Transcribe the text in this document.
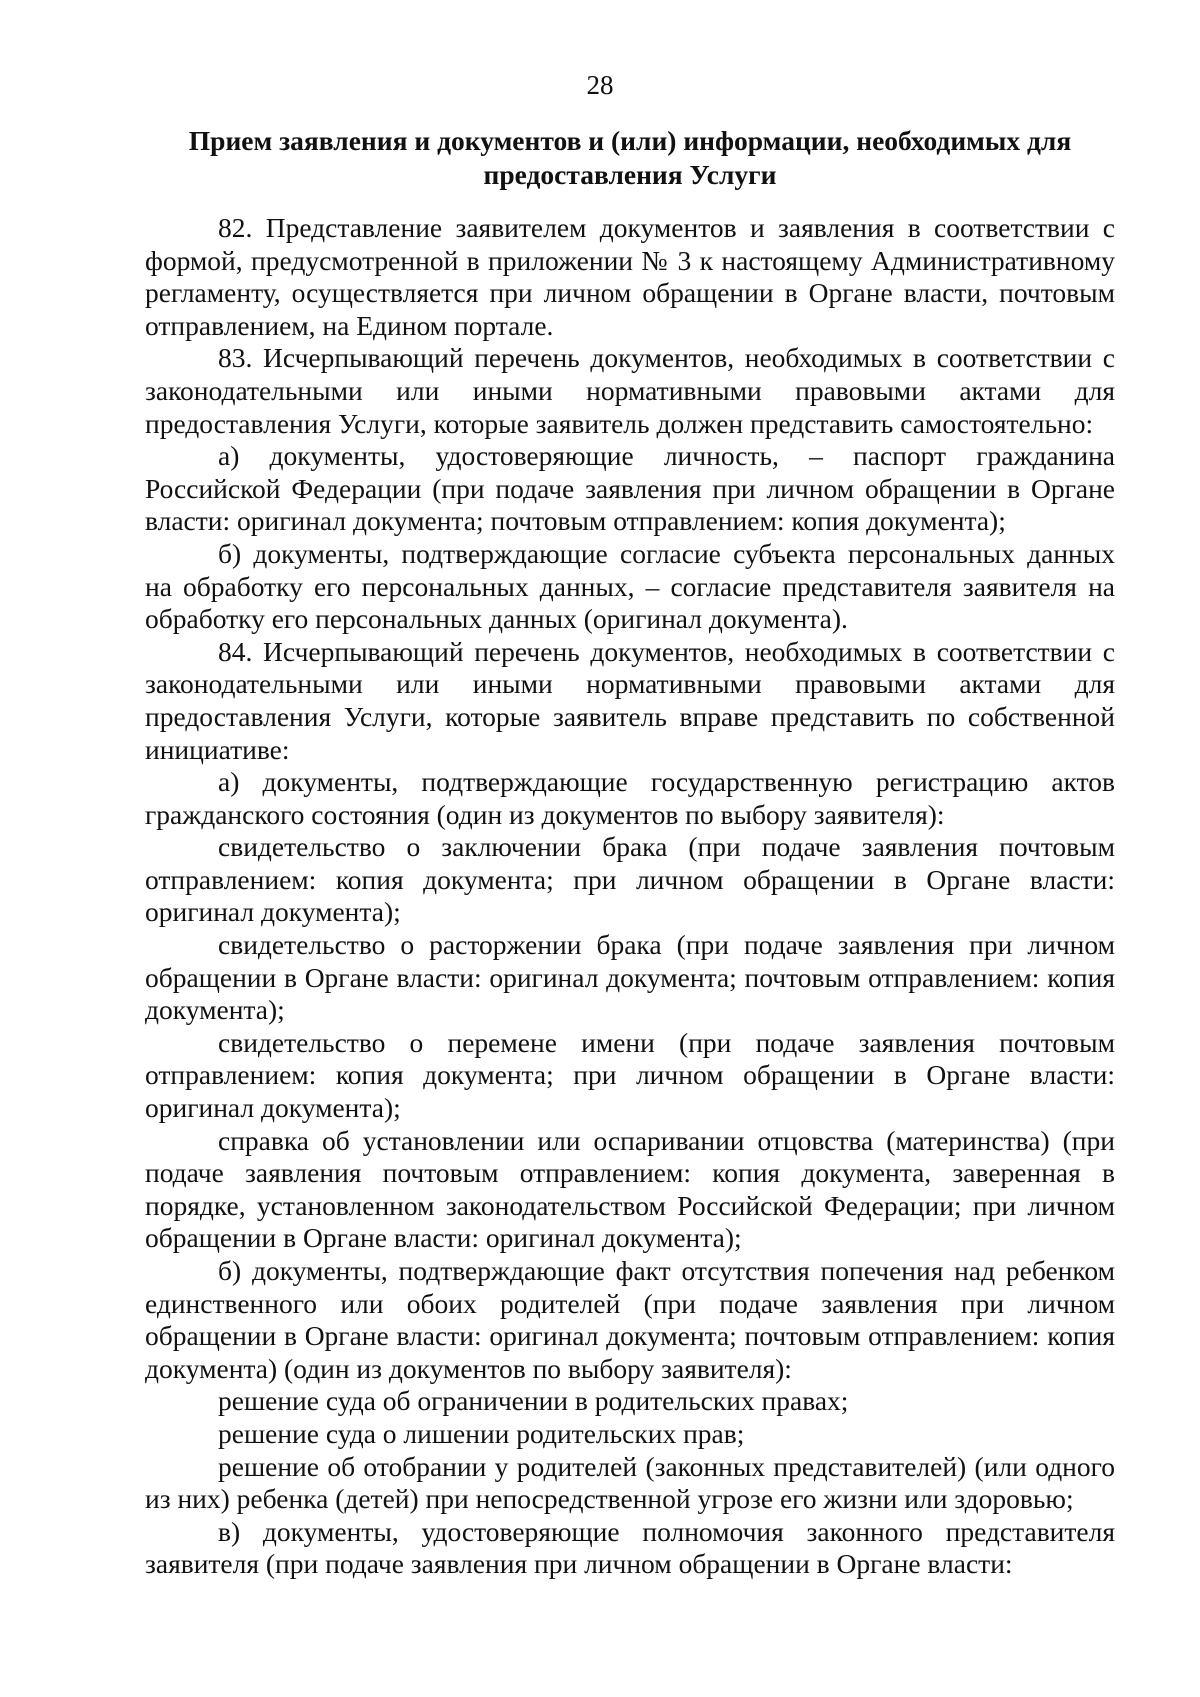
28
Прием заявления и документов и (или) информации, необходимых для предоставления Услуги

82. Представление заявителем документов и заявления в соответствии с формой, предусмотренной в приложении № 3 к настоящему Административному регламенту, осуществляется при личном обращении в Органе власти, почтовым отправлением, на Едином портале.

83. Исчерпывающий перечень документов, необходимых в соответствии с законодательными или иными нормативными правовыми актами для предоставления Услуги, которые заявитель должен представить самостоятельно:

а) документы, удостоверяющие личность, – паспорт гражданина Российской Федерации (при подаче заявления при личном обращении в Органе власти: оригинал документа; почтовым отправлением: копия документа);

б) документы, подтверждающие согласие субъекта персональных данных на обработку его персональных данных, – согласие представителя заявителя на обработку его персональных данных (оригинал документа).

84. Исчерпывающий перечень документов, необходимых в соответствии с законодательными или иными нормативными правовыми актами для предоставления Услуги, которые заявитель вправе представить по собственной инициативе:

а) документы, подтверждающие государственную регистрацию актов гражданского состояния (один из документов по выбору заявителя):

свидетельство о заключении брака (при подаче заявления почтовым отправлением: копия документа; при личном обращении в Органе власти: оригинал документа);

свидетельство о расторжении брака (при подаче заявления при личном обращении в Органе власти: оригинал документа; почтовым отправлением: копия документа);

свидетельство о перемене имени (при подаче заявления почтовым отправлением: копия документа; при личном обращении в Органе власти: оригинал документа);

справка об установлении или оспаривании отцовства (материнства) (при подаче заявления почтовым отправлением: копия документа, заверенная в порядке, установленном законодательством Российской Федерации; при личном обращении в Органе власти: оригинал документа);

б) документы, подтверждающие факт отсутствия попечения над ребенком единственного или обоих родителей (при подаче заявления при личном обращении в Органе власти: оригинал документа; почтовым отправлением: копия документа) (один из документов по выбору заявителя):

решение суда об ограничении в родительских правах;

решение суда о лишении родительских прав;

решение об отобрании у родителей (законных представителей) (или одного из них) ребенка (детей) при непосредственной угрозе его жизни или здоровью;

в) документы, удостоверяющие полномочия законного представителя заявителя (при подаче заявления при личном обращении в Органе власти:
